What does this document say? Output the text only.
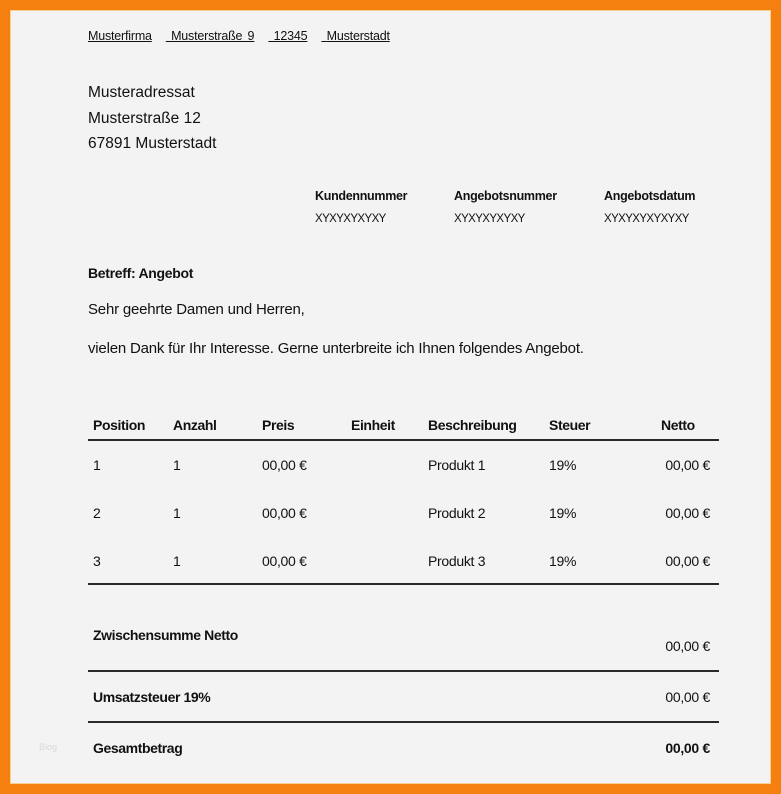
Musterfirma Musterstraße 9 12345 Musterstadt
Musteradressat
Musterstraße 12
67891 Musterstadt
Kundennummer
XYXYXYXYXY
Angebotsnummer
XYXYXYXYXY
Angebotsdatum
XYXYXYXYXYXY
Betreff: Angebot
Sehr geehrte Damen und Herren,
vielen Dank für Ihr Interesse. Gerne unterbreite ich Ihnen folgendes Angebot.
Position Anzahl	Preis	Einheit Beschreibung Steuer	Netto
1	1	00,00 €	Produkt 1	19%	00,00 €
2	1	00,00 €	Produkt 2	19%	00,00 €
3	1	00,00 €	Produkt 3	19%	00,00 €
Zwischensumme Netto
00,00 €
Umsatzsteuer 19%	00,00 €
Gesamtbetrag	00,00 €
Blog
